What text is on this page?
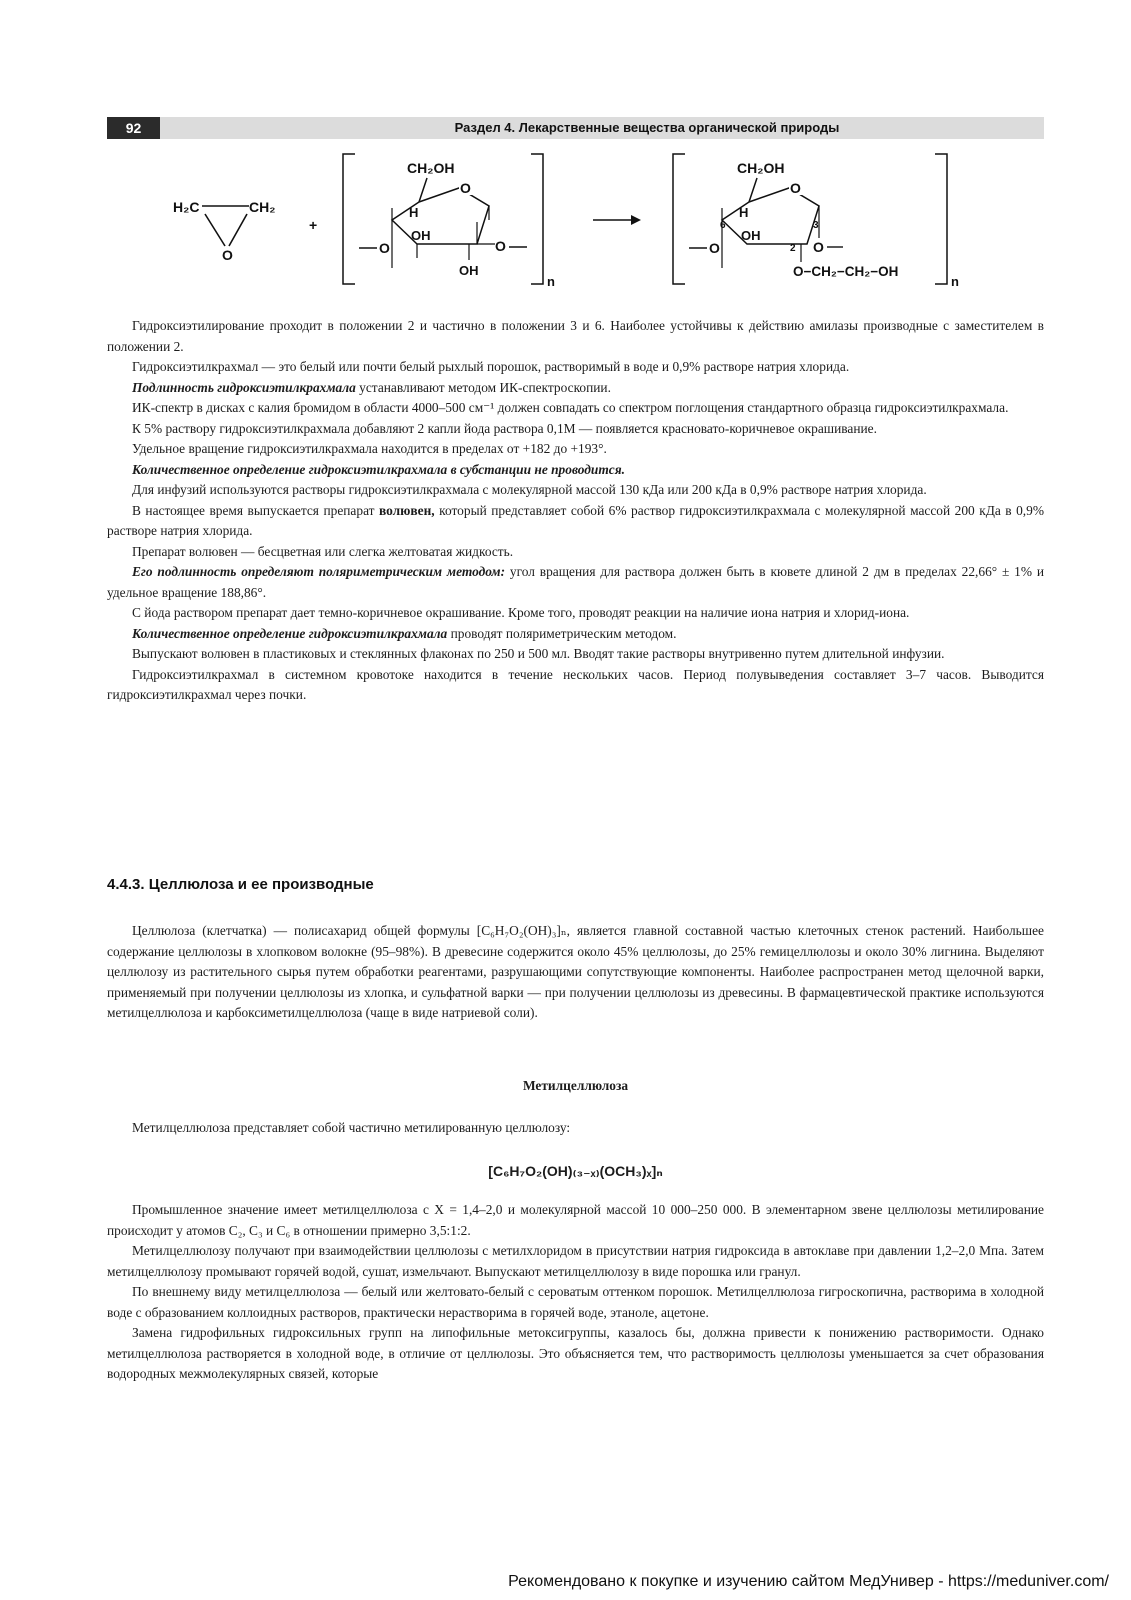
92	Раздел 4. Лекарственные вещества органической природы
H₂C	CH₂
O
+
n
CH₂OH
O
H
OH
O	O
OH
n
CH₂OH
O
H
OH
6	3
2
O	O
O−CH₂−CH₂−OH

Гидроксиэтилирование проходит в положении 2 и частично в положении 3 и 6. Наиболее устойчивы к действию амилазы производные с заместителем в положении 2.

Гидроксиэтилкрахмал — это белый или почти белый рыхлый порошок, растворимый в воде и 0,9% растворе натрия хлорида.

Подлинность гидроксиэтилкрахмала устанавливают методом ИК-спектроскопии.

ИК-спектр в дисках с калия бромидом в области 4000–500 см⁻¹ должен совпадать со спектром поглощения стандартного образца гидроксиэтилкрахмала.

К 5% раствору гидроксиэтилкрахмала добавляют 2 капли йода раствора 0,1М — появляется красновато-коричневое окрашивание.

Удельное вращение гидроксиэтилкрахмала находится в пределах от +182 до +193°.

Количественное определение гидроксиэтилкрахмала в субстанции не проводится.

Для инфузий используются растворы гидроксиэтилкрахмала с молекулярной массой 130 кДа или 200 кДа в 0,9% растворе натрия хлорида.

В настоящее время выпускается препарат волювен, который представляет собой 6% раствор гидроксиэтилкрахмала с молекулярной массой 200 кДа в 0,9% растворе натрия хлорида.

Препарат волювен — бесцветная или слегка желтоватая жидкость.

Его подлинность определяют поляриметрическим методом: угол вращения для раствора должен быть в кювете длиной 2 дм в пределах 22,66° ± 1% и удельное вращение 188,86°.

С йода раствором препарат дает темно-коричневое окрашивание. Кроме того, проводят реакции на наличие иона натрия и хлорид-иона.

Количественное определение гидроксиэтилкрахмала проводят поляриметрическим методом.

Выпускают волювен в пластиковых и стеклянных флаконах по 250 и 500 мл. Вводят такие растворы внутривенно путем длительной инфузии.

Гидроксиэтилкрахмал в системном кровотоке находится в течение нескольких часов. Период полувыведения составляет 3–7 часов. Выводится гидроксиэтилкрахмал через почки.

4.4.3. Целлюлоза и ее производные

Целлюлоза (клетчатка) — полисахарид общей формулы [C₆H₇O₂(OH)₃]ₙ, является главной составной частью клеточных стенок растений. Наибольшее содержание целлюлозы в хлопковом волокне (95–98%). В древесине содержится около 45% целлюлозы, до 25% гемицеллюлозы и около 30% лигнина. Выделяют целлюлозу из растительного сырья путем обработки реагентами, разрушающими сопутствующие компоненты. Наиболее распространен метод щелочной варки, применяемый при получении целлюлозы из хлопка, и сульфатной варки — при получении целлюлозы из древесины. В фармацевтической практике используются метилцеллюлоза и карбоксиметилцеллюлоза (чаще в виде натриевой соли).

Метилцеллюлоза

Метилцеллюлоза представляет собой частично метилированную целлюлозу:

[C₆H₇O₂(OH)₍₃₋ₓ₎(OCH₃)ₓ]ₙ

Промышленное значение имеет метилцеллюлоза с X = 1,4–2,0 и молекулярной массой 10 000–250 000. В элементарном звене целлюлозы метилирование происходит у атомов C₂, C₃ и C₆ в отношении примерно 3,5:1:2.

Метилцеллюлозу получают при взаимодействии целлюлозы с метилхлоридом в присутствии натрия гидроксида в автоклаве при давлении 1,2–2,0 Мпа. Затем метилцеллюлозу промывают горячей водой, сушат, измельчают. Выпускают метилцеллюлозу в виде порошка или гранул.

По внешнему виду метилцеллюлоза — белый или желтовато-белый с сероватым оттенком порошок. Метилцеллюлоза гигроскопична, растворима в холодной воде с образованием коллоидных растворов, практически нерастворима в горячей воде, этаноле, ацетоне.

Замена гидрофильных гидроксильных групп на липофильные метоксигруппы, казалось бы, должна привести к понижению растворимости. Однако метилцеллюлоза растворяется в холодной воде, в отличие от целлюлозы. Это объясняется тем, что растворимость целлюлозы уменьшается за счет образования водородных межмолекулярных связей, которые

Рекомендовано к покупке и изучению сайтом МедУнивер - https://meduniver.com/
